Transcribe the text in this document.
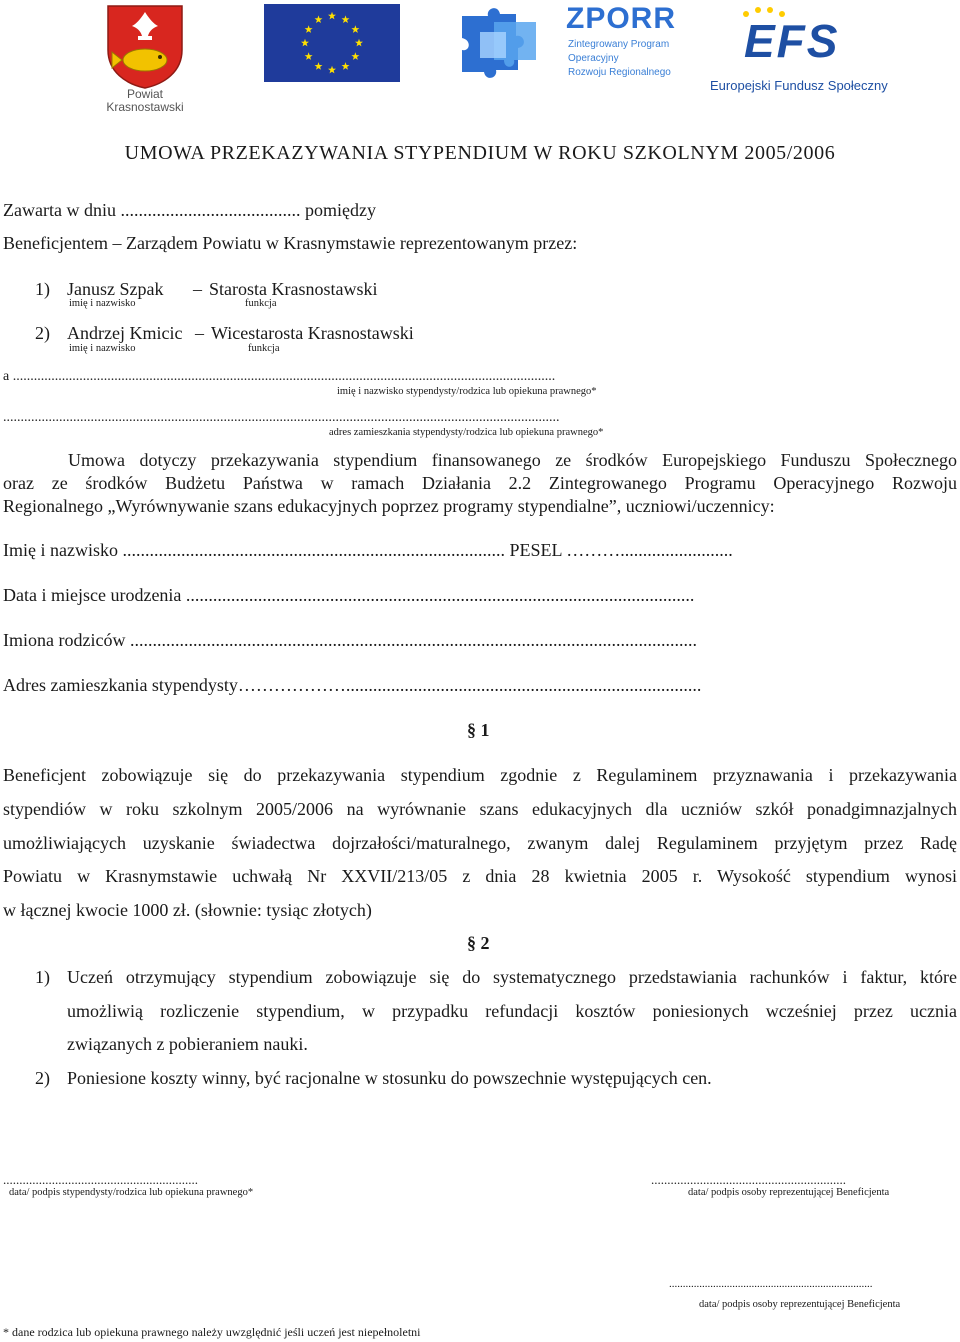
Powiat
Krasnostawski
ZPORR
Zintegrowany Program
Operacyjny
Rozwoju Regionalnego
EFS
Europejski Fundusz Społeczny
UMOWA PRZEKAZYWANIA STYPENDIUM W ROKU SZKOLNYM 2005/2006
Zawarta w dniu ........................................ pomiędzy
Beneficjentem – Zarządem Powiatu w Krasnymstawie reprezentowanym przez:
1) Janusz Szpak – Starosta Krasnostawski
imię i nazwisko	funkcja
2) Andrzej Kmicic – Wicestarosta Krasnostawski
imię i nazwisko	funkcja
a ...........................................................................................................................................................
imię i nazwisko stypendysty/rodzica lub opiekuna prawnego*
...............................................................................................................................................................
adres zamieszkania stypendysty/rodzica lub opiekuna prawnego*
Umowa dotyczy przekazywania stypendium finansowanego ze środków Europejskiego Funduszu Społecznego
oraz ze środków Budżetu Państwa w ramach Działania 2.2 Zintegrowanego Programu Operacyjnego Rozwoju
Regionalnego „Wyrównywanie szans edukacyjnych poprzez programy stypendialne”, uczniowi/uczennicy:
Imię i nazwisko ..................................................................................... PESEL ……….........................
Data i miejsce urodzenia .................................................................................................................
Imiona rodziców ..............................................................................................................................
Adres zamieszkania stypendysty………………...............................................................................
§ 1
Beneficjent zobowiązuje się do przekazywania stypendium zgodnie z Regulaminem przyznawania i przekazywania
stypendiów w roku szkolnym 2005/2006 na wyrównanie szans edukacyjnych dla uczniów szkół ponadgimnazjalnych
umożliwiających uzyskanie świadectwa dojrzałości/maturalnego, zwanym dalej Regulaminem przyjętym przez Radę
Powiatu w Krasnymstawie uchwałą Nr XXVII/213/05 z dnia 28 kwietnia 2005 r. Wysokość stypendium wynosi
w łącznej kwocie 1000 zł. (słownie: tysiąc złotych)
§ 2
1) Uczeń otrzymujący stypendium zobowiązuje się do systematycznego przedstawiania rachunków i faktur, które
umożliwią rozliczenie stypendium, w przypadku refundacji kosztów poniesionych wcześniej przez ucznia
związanych z pobieraniem nauki.
2) Poniesione koszty winny, być racjonalne w stosunku do powszechnie występujących cen.
............................................................
data/ podpis stypendysty/rodzica lub opiekuna prawnego*
............................................................
data/ podpis osoby reprezentującej Beneficjenta
..........................................................................
data/ podpis osoby reprezentującej Beneficjenta
* dane rodzica lub opiekuna prawnego należy uwzględnić jeśli uczeń jest niepełnoletni
